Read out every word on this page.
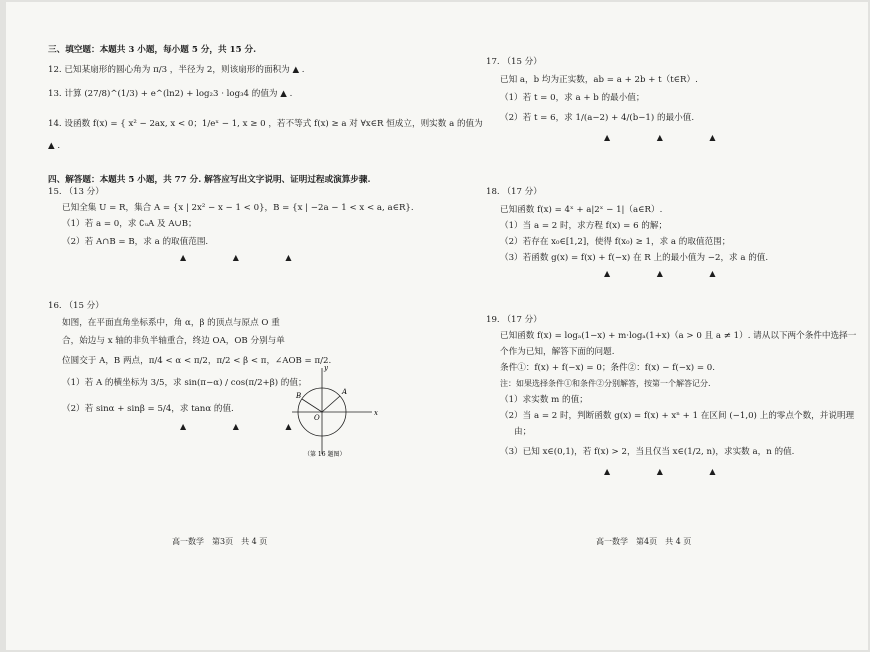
三、填空题：本题共 3 小题，每小题 5 分，共 15 分.

12. 已知某扇形的圆心角为 π/3 ，半径为 2，则该扇形的面积为 ▲ .

13. 计算 (27/8)^(1/3) + e^(ln2) + log₂3 · log₃4 的值为 ▲ .

14. 设函数 f(x) = { x² − 2ax, x < 0；1/eˣ − 1, x ≥ 0 ，若不等式 f(x) ≥ a 对 ∀x∈R 恒成立，则实数 a 的值为

▲ .

四、解答题：本题共 5 小题，共 77 分. 解答应写出文字说明、证明过程或演算步骤.

15. （13 分）

已知全集 U = R，集合 A = {x | 2x² − x − 1 < 0}，B = {x | −2a − 1 < x < a, a∈R}.

（1）若 a = 0，求 ∁ᵤA 及 A∪B；

（2）若 A∩B = B，求 a 的取值范围.

▲ ▲ ▲

16. （15 分）

如图，在平面直角坐标系中，角 α，β 的顶点与原点 O 重

合，始边与 x 轴的非负半轴重合，终边 OA，OB 分别与单

位圆交于 A，B 两点，π/4 < α < π/2，π/2 < β < π，∠AOB = π/2.

（1）若 A 的横坐标为 3/5，求 sin(π−α) / cos(π/2+β) 的值；

（2）若 sinα + sinβ = 5/4，求 tanα 的值.

▲ ▲ ▲

y
x
A
B
O
（第 16 题图）

17. （15 分）

已知 a，b 均为正实数，ab = a + 2b + t（t∈R）.

（1）若 t = 0，求 a + b 的最小值；

（2）若 t = 6，求 1/(a−2) + 4/(b−1) 的最小值.

▲ ▲ ▲

18. （17 分）

已知函数 f(x) = 4ˣ + a|2ˣ − 1|（a∈R）.

（1）当 a = 2 时，求方程 f(x) = 6 的解；

（2）若存在 x₀∈[1,2]，使得 f(x₀) ≥ 1，求 a 的取值范围；

（3）若函数 g(x) = f(x) + f(−x) 在 R 上的最小值为 −2，求 a 的值.

▲ ▲ ▲

19. （17 分）

已知函数 f(x) = logₐ(1−x) + m·logₐ(1+x)（a > 0 且 a ≠ 1）. 请从以下两个条件中选择一

个作为已知，解答下面的问题.

条件①：f(x) + f(−x) = 0；条件②：f(x) − f(−x) = 0.

注：如果选择条件①和条件②分别解答，按第一个解答记分.

（1）求实数 m 的值；

（2）当 a = 2 时，判断函数 g(x) = f(x) + xⁿ + 1 在区间 (−1,0) 上的零点个数，并说明理

由；

（3）已知 x∈(0,1)，若 f(x) > 2，当且仅当 x∈(1/2, n)，求实数 a，n 的值.

▲ ▲ ▲

高一数学　第3页　共 4 页	高一数学　第4页　共 4 页
